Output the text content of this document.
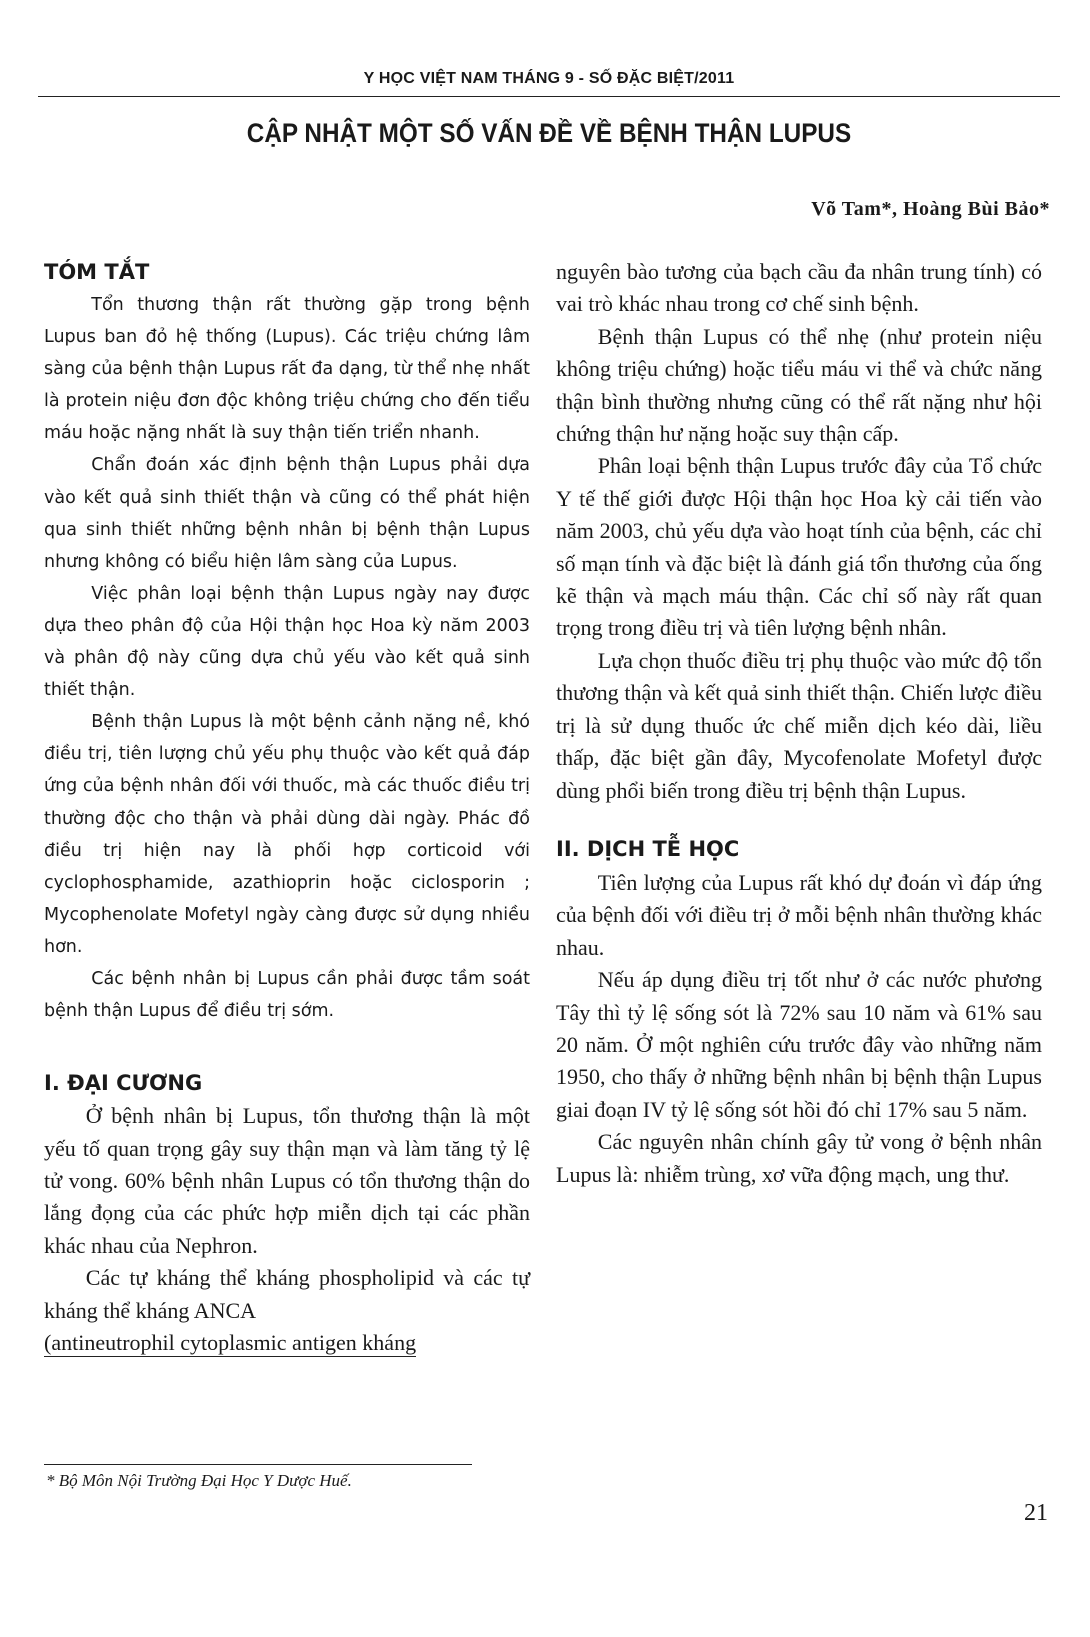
Y HỌC VIỆT NAM THÁNG 9 - SỐ ĐẶC BIỆT/2011
CẬP NHẬT MỘT SỐ VẤN ĐỀ VỀ BỆNH THẬN LUPUS
Võ Tam*, Hoàng Bùi Bảo*
TÓM TẮT

Tổn thương thận rất thường gặp trong bệnh Lupus ban đỏ hệ thống (Lupus). Các triệu chứng lâm sàng của bệnh thận Lupus rất đa dạng, từ thể nhẹ nhất là protein niệu đơn độc không triệu chứng cho đến tiểu máu hoặc nặng nhất là suy thận tiến triển nhanh.

Chẩn đoán xác định bệnh thận Lupus phải dựa vào kết quả sinh thiết thận và cũng có thể phát hiện qua sinh thiết những bệnh nhân bị bệnh thận Lupus nhưng không có biểu hiện lâm sàng của Lupus.

Việc phân loại bệnh thận Lupus ngày nay được dựa theo phân độ của Hội thận học Hoa kỳ năm 2003 và phân độ này cũng dựa chủ yếu vào kết quả sinh thiết thận.

Bệnh thận Lupus là một bệnh cảnh nặng nề, khó điều trị, tiên lượng chủ yếu phụ thuộc vào kết quả đáp ứng của bệnh nhân đối với thuốc, mà các thuốc điều trị thường độc cho thận và phải dùng dài ngày. Phác đồ điều trị hiện nay là phối hợp corticoid với cyclophosphamide, azathioprin hoặc ciclosporin ; Mycophenolate Mofetyl ngày càng được sử dụng nhiều hơn.

Các bệnh nhân bị Lupus cần phải được tầm soát bệnh thận Lupus để điều trị sớm.

I. ĐẠI CƯƠNG

Ở bệnh nhân bị Lupus, tổn thương thận là một yếu tố quan trọng gây suy thận mạn và làm tăng tỷ lệ tử vong. 60% bệnh nhân Lupus có tổn thương thận do lắng đọng của các phức hợp miễn dịch tại các phần khác nhau của Nephron.

Các tự kháng thể kháng phospholipid và các tự kháng thể kháng ANCA

(antineutrophil cytoplasmic antigen kháng

nguyên bào tương của bạch cầu đa nhân trung tính) có vai trò khác nhau trong cơ chế sinh bệnh.

Bệnh thận Lupus có thể nhẹ (như protein niệu không triệu chứng) hoặc tiểu máu vi thể và chức năng thận bình thường nhưng cũng có thể rất nặng như hội chứng thận hư nặng hoặc suy thận cấp.

Phân loại bệnh thận Lupus trước đây của Tổ chức Y tế thế giới được Hội thận học Hoa kỳ cải tiến vào năm 2003, chủ yếu dựa vào hoạt tính của bệnh, các chỉ số mạn tính và đặc biệt là đánh giá tổn thương của ống kẽ thận và mạch máu thận. Các chỉ số này rất quan trọng trong điều trị và tiên lượng bệnh nhân.

Lựa chọn thuốc điều trị phụ thuộc vào mức độ tổn thương thận và kết quả sinh thiết thận. Chiến lược điều trị là sử dụng thuốc ức chế miễn dịch kéo dài, liều thấp, đặc biệt gần đây, Mycofenolate Mofetyl được dùng phổi biến trong điều trị bệnh thận Lupus.

II. DỊCH TỄ HỌC

Tiên lượng của Lupus rất khó dự đoán vì đáp ứng của bệnh đối với điều trị ở mỗi bệnh nhân thường khác nhau.

Nếu áp dụng điều trị tốt như ở các nước phương Tây thì tỷ lệ sống sót là 72% sau 10 năm và 61% sau 20 năm. Ở một nghiên cứu trước đây vào những năm 1950, cho thấy ở những bệnh nhân bị bệnh thận Lupus giai đoạn IV tỷ lệ sống sót hồi đó chỉ 17% sau 5 năm.

Các nguyên nhân chính gây tử vong ở bệnh nhân Lupus là: nhiễm trùng, xơ vữa động mạch, ung thư.

* Bộ Môn Nội Trường Đại Học Y Dược Huế.
21
